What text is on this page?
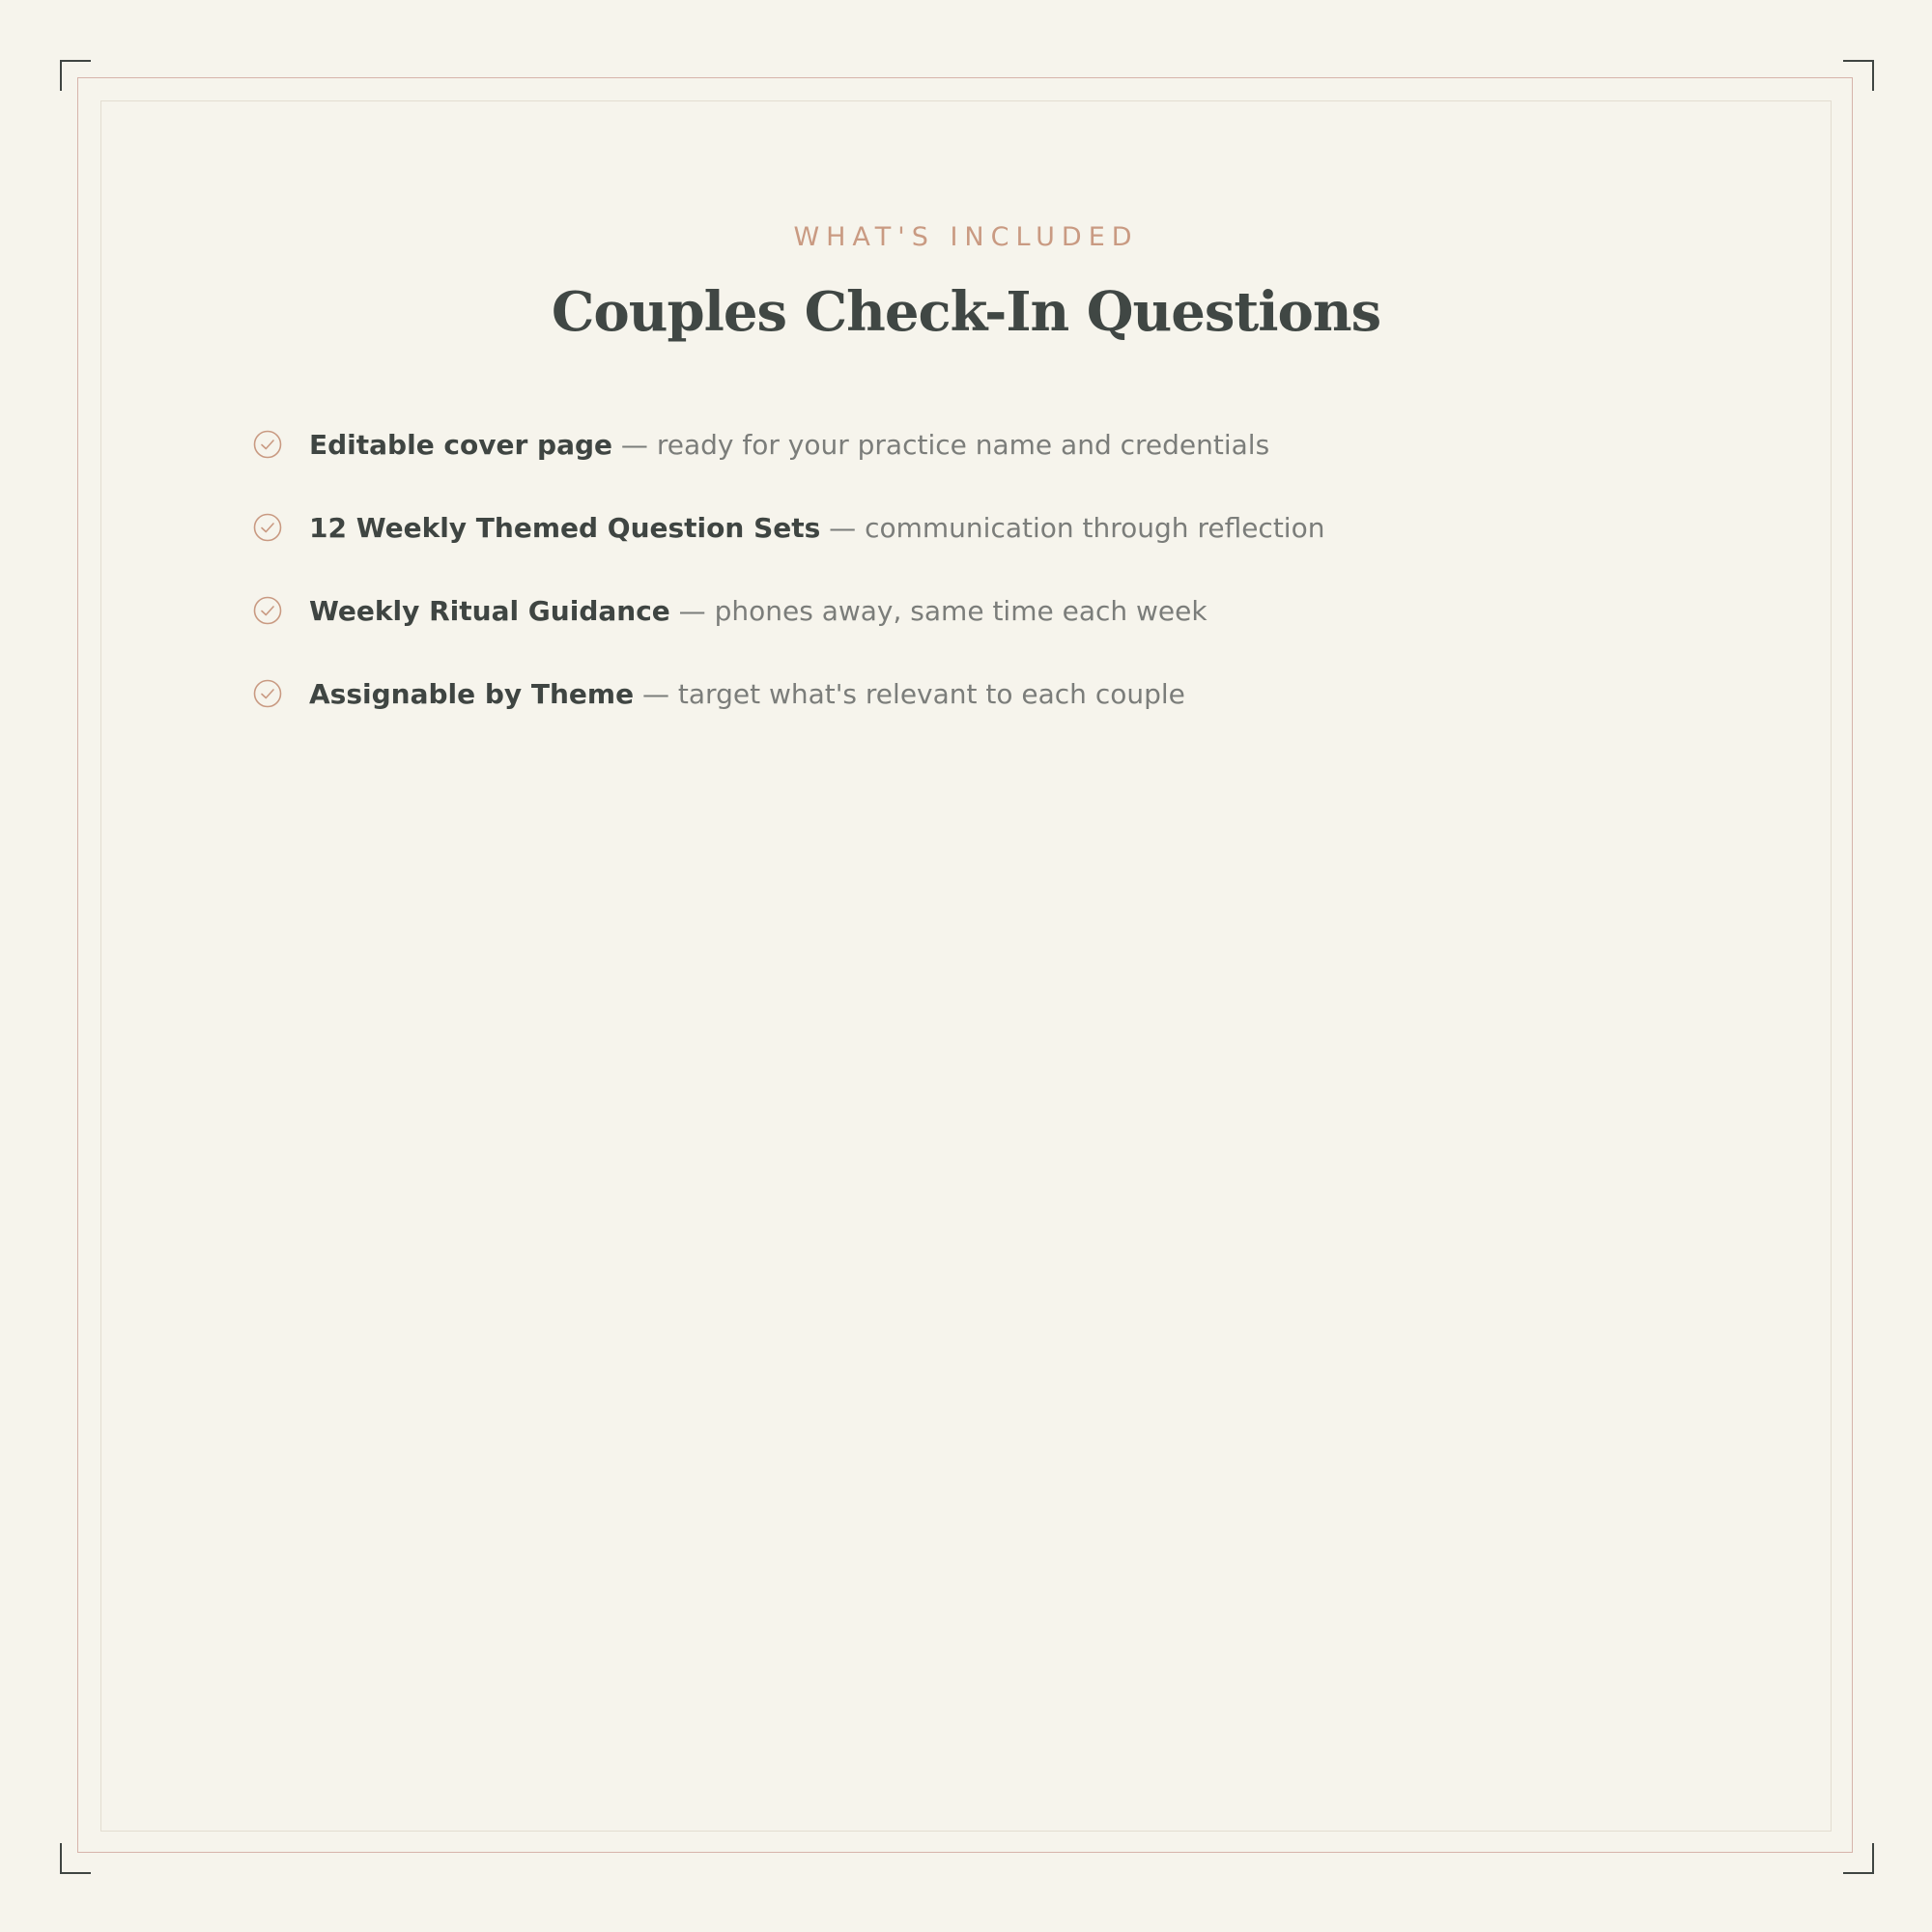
WHAT'S INCLUDED
Couples Check-In Questions
Editable cover page — ready for your practice name and credentials
12 Weekly Themed Question Sets — communication through reflection
Weekly Ritual Guidance — phones away, same time each week
Assignable by Theme — target what's relevant to each couple
